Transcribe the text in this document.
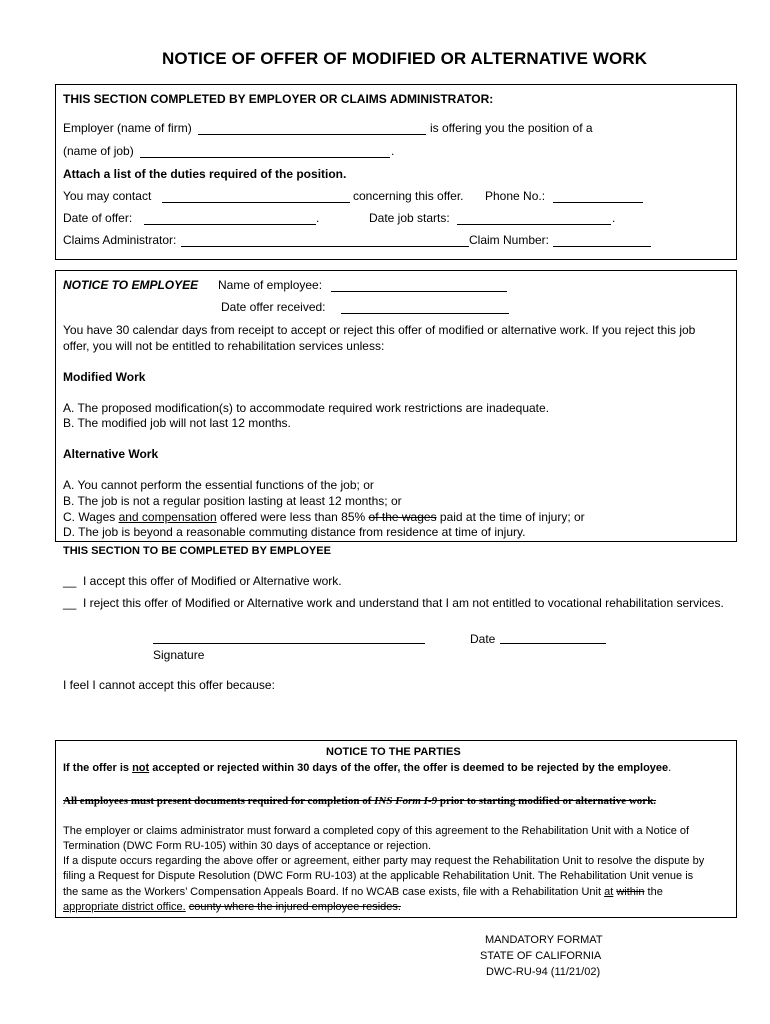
NOTICE OF OFFER OF MODIFIED OR ALTERNATIVE WORK
THIS SECTION COMPLETED BY EMPLOYER OR CLAIMS ADMINISTRATOR:
Employer (name of firm)	is offering you the position of a
(name of job)	.
Attach a list of the duties required of the position.
You may contact	concerning this offer. Phone No.:
Date of offer:	.	Date job starts:	.
Claims Administrator:	Claim Number:
NOTICE TO EMPLOYEE Name of employee:
Date offer received:
You have 30 calendar days from receipt to accept or reject this offer of modified or alternative work. If you reject this job
offer, you will not be entitled to rehabilitation services unless:
Modified Work
A. The proposed modification(s) to accommodate required work restrictions are inadequate.
B. The modified job will not last 12 months.
Alternative Work
A. You cannot perform the essential functions of the job; or
B. The job is not a regular position lasting at least 12 months; or
C. Wages and compensation offered were less than 85% of the wages paid at the time of injury; or
D. The job is beyond a reasonable commuting distance from residence at time of injury.
THIS SECTION TO BE COMPLETED BY EMPLOYEE
__ I accept this offer of Modified or Alternative work.
__ I reject this offer of Modified or Alternative work and understand that I am not entitled to vocational rehabilitation services.
Date
Signature
I feel I cannot accept this offer because:
NOTICE TO THE PARTIES
If the offer is not accepted or rejected within 30 days of the offer, the offer is deemed to be rejected by the employee.
All employees must present documents required for completion of INS Form I-9 prior to starting modified or alternative work.
The employer or claims administrator must forward a completed copy of this agreement to the Rehabilitation Unit with a Notice of
Termination (DWC Form RU-105) within 30 days of acceptance or rejection.
If a dispute occurs regarding the above offer or agreement, either party may request the Rehabilitation Unit to resolve the dispute by
filing a Request for Dispute Resolution (DWC Form RU-103) at the applicable Rehabilitation Unit. The Rehabilitation Unit venue is
the same as the Workers’ Compensation Appeals Board. If no WCAB case exists, file with a Rehabilitation Unit at within the
appropriate district office. county where the injured employee resides.
MANDATORY FORMAT
STATE OF CALIFORNIA
DWC-RU-94 (11/21/02)
